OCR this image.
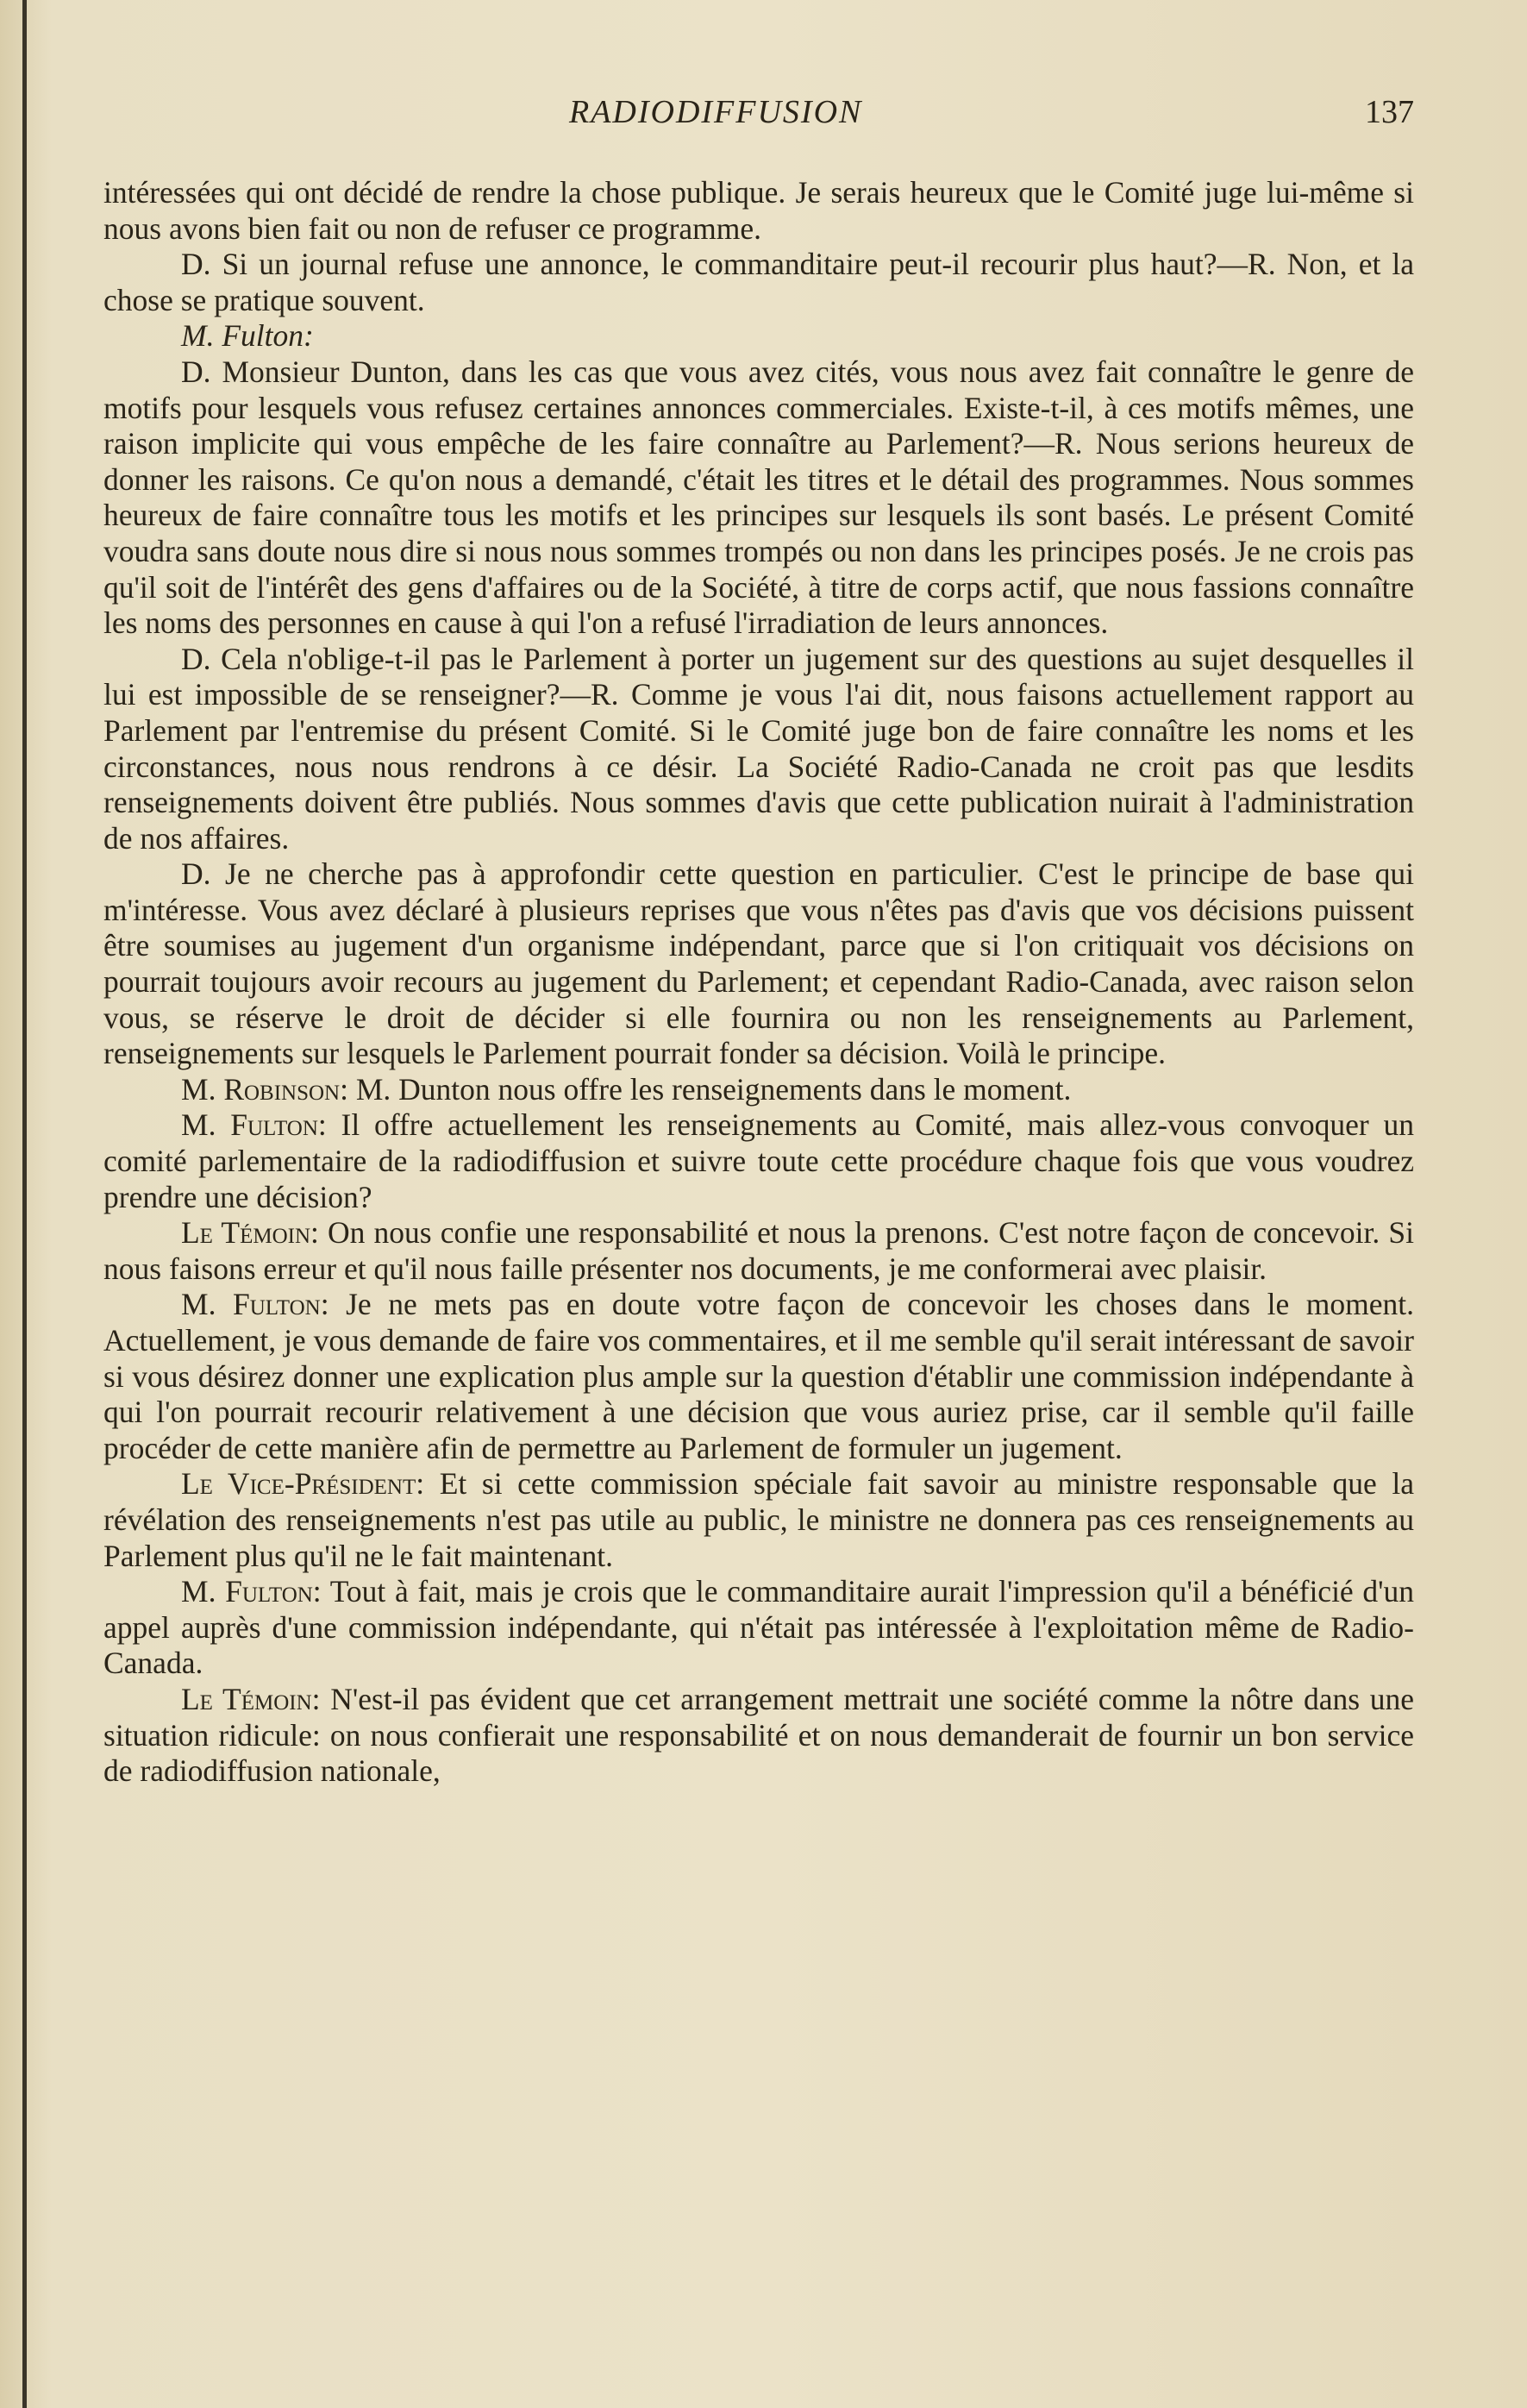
RADIODIFFUSION	137

intéressées qui ont décidé de rendre la chose publique. Je serais heureux que le Comité juge lui-même si nous avons bien fait ou non de refuser ce programme.

D. Si un journal refuse une annonce, le commanditaire peut-il recourir plus haut?—R. Non, et la chose se pratique souvent.

M. Fulton:

D. Monsieur Dunton, dans les cas que vous avez cités, vous nous avez fait connaître le genre de motifs pour lesquels vous refusez certaines annonces commerciales. Existe-t-il, à ces motifs mêmes, une raison implicite qui vous empêche de les faire connaître au Parlement?—R. Nous serions heureux de donner les raisons. Ce qu'on nous a demandé, c'était les titres et le détail des programmes. Nous sommes heureux de faire connaître tous les motifs et les principes sur lesquels ils sont basés. Le présent Comité voudra sans doute nous dire si nous nous sommes trompés ou non dans les principes posés. Je ne crois pas qu'il soit de l'intérêt des gens d'affaires ou de la Société, à titre de corps actif, que nous fassions connaître les noms des personnes en cause à qui l'on a refusé l'irradiation de leurs annonces.

D. Cela n'oblige-t-il pas le Parlement à porter un jugement sur des questions au sujet desquelles il lui est impossible de se renseigner?—R. Comme je vous l'ai dit, nous faisons actuellement rapport au Parlement par l'entremise du présent Comité. Si le Comité juge bon de faire connaître les noms et les circonstances, nous nous rendrons à ce désir. La Société Radio-Canada ne croit pas que lesdits renseignements doivent être publiés. Nous sommes d'avis que cette publication nuirait à l'administration de nos affaires.

D. Je ne cherche pas à approfondir cette question en particulier. C'est le principe de base qui m'intéresse. Vous avez déclaré à plusieurs reprises que vous n'êtes pas d'avis que vos décisions puissent être soumises au jugement d'un organisme indépendant, parce que si l'on critiquait vos décisions on pourrait toujours avoir recours au jugement du Parlement; et cependant Radio-Canada, avec raison selon vous, se réserve le droit de décider si elle fournira ou non les renseignements au Parlement, renseignements sur lesquels le Parlement pourrait fonder sa décision. Voilà le principe.

M. Robinson: M. Dunton nous offre les renseignements dans le moment.

M. Fulton: Il offre actuellement les renseignements au Comité, mais allez-vous convoquer un comité parlementaire de la radiodiffusion et suivre toute cette procédure chaque fois que vous voudrez prendre une décision?

Le Témoin: On nous confie une responsabilité et nous la prenons. C'est notre façon de concevoir. Si nous faisons erreur et qu'il nous faille présenter nos documents, je me conformerai avec plaisir.

M. Fulton: Je ne mets pas en doute votre façon de concevoir les choses dans le moment. Actuellement, je vous demande de faire vos commentaires, et il me semble qu'il serait intéressant de savoir si vous désirez donner une explication plus ample sur la question d'établir une commission indépendante à qui l'on pourrait recourir relativement à une décision que vous auriez prise, car il semble qu'il faille procéder de cette manière afin de permettre au Parlement de formuler un jugement.

Le Vice-Président: Et si cette commission spéciale fait savoir au ministre responsable que la révélation des renseignements n'est pas utile au public, le ministre ne donnera pas ces renseignements au Parlement plus qu'il ne le fait maintenant.

M. Fulton: Tout à fait, mais je crois que le commanditaire aurait l'impression qu'il a bénéficié d'un appel auprès d'une commission indépendante, qui n'était pas intéressée à l'exploitation même de Radio-Canada.

Le Témoin: N'est-il pas évident que cet arrangement mettrait une société comme la nôtre dans une situation ridicule: on nous confierait une responsabilité et on nous demanderait de fournir un bon service de radiodiffusion nationale,
